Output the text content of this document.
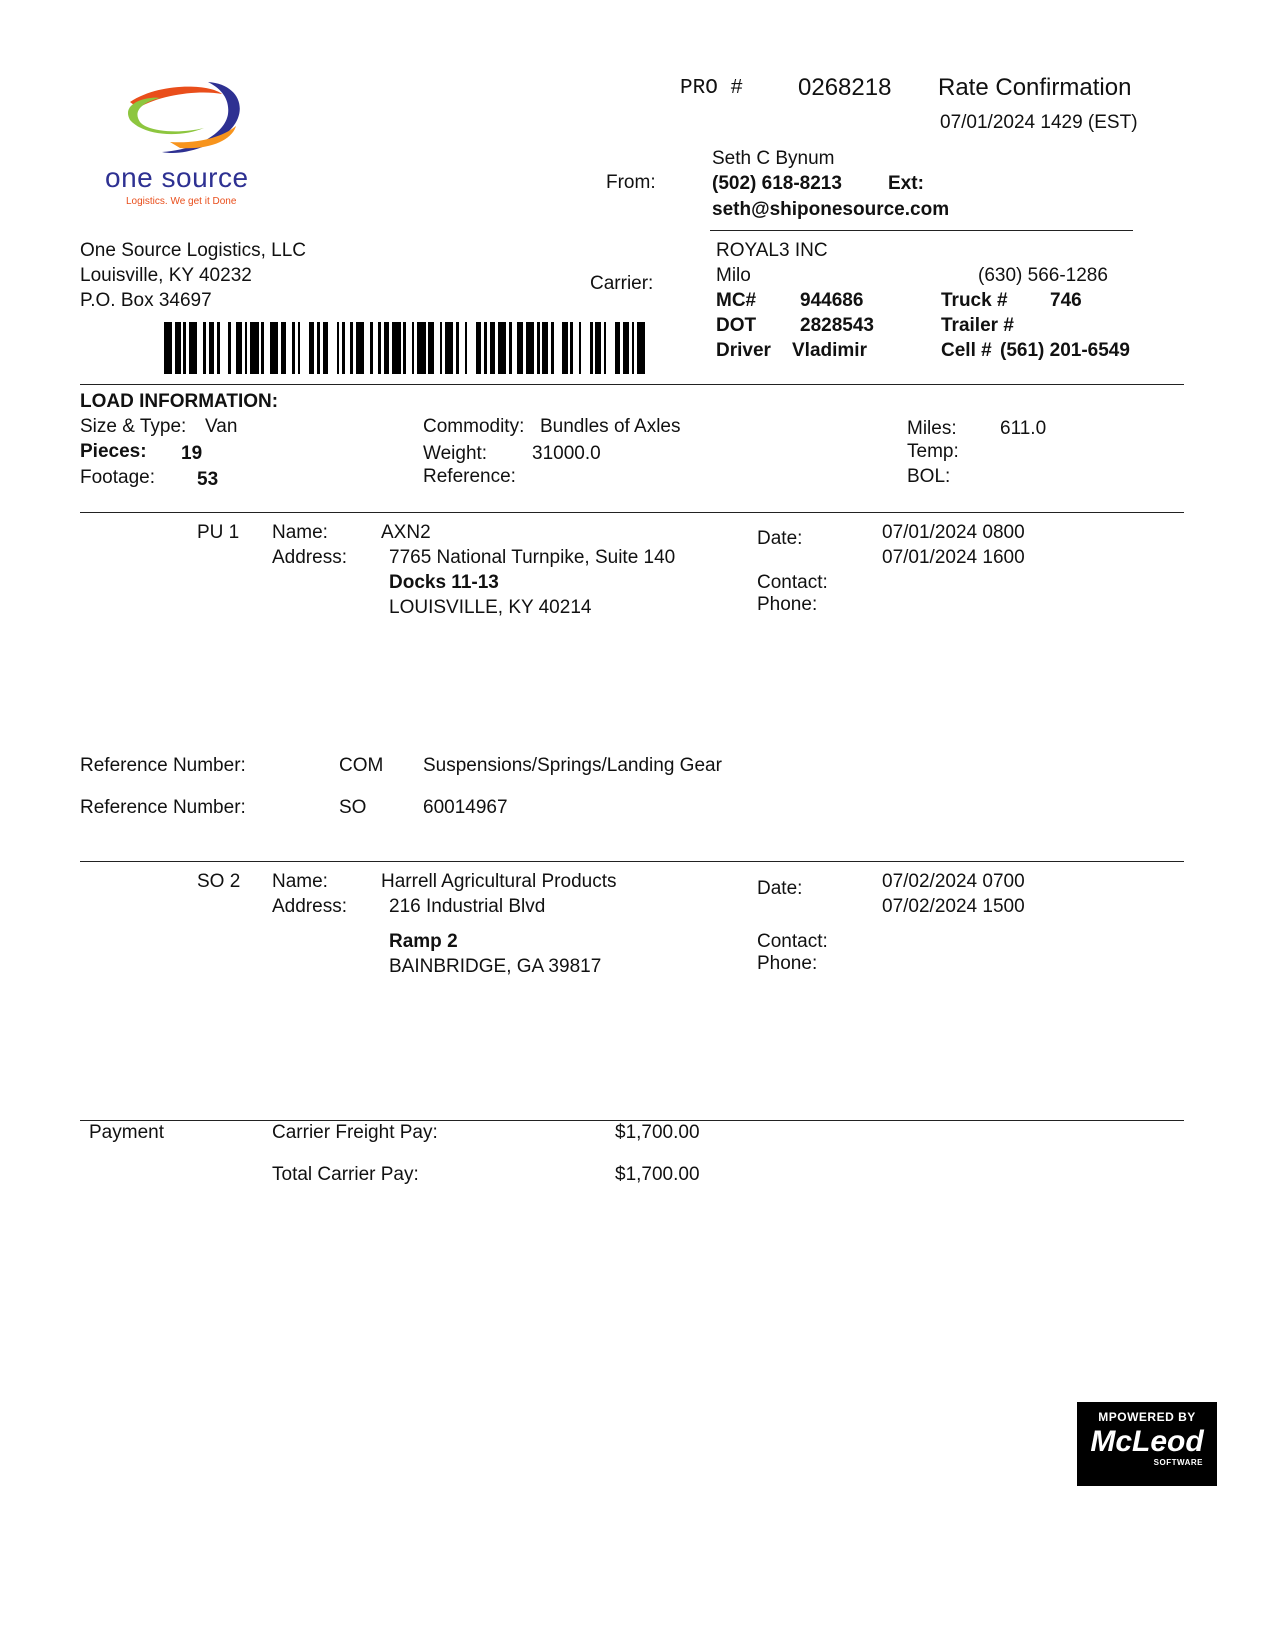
one source
Logistics. We get it Done
PRO # 0268218 Rate Confirmation
07/01/2024 1429 (EST)
From:
Seth C Bynum
(502) 618-8213 Ext:
seth@shiponesource.com
One Source Logistics, LLC
Louisville, KY 40232
P.O. Box 34697
Carrier:
ROYAL3 INC
Milo	(630) 566-1286
MC# 944686	Truck # 746
DOT 2828543	Trailer #
Driver Vladimir	Cell # (561) 201-6549
LOAD INFORMATION:
Size & Type: Van
Pieces: 19
Footage: 53
Commodity: Bundles of Axles
Weight: 31000.0
Reference:
Miles: 611.0
Temp:
BOL:
PU 1 Name:	AXN2
Address: 7765 National Turnpike, Suite 140
Docks 11-13
LOUISVILLE, KY 40214
Date:	07/01/2024 0800
07/01/2024 1600
Contact:
Phone:
Reference Number:	COM Suspensions/Springs/Landing Gear
Reference Number:	SO	60014967
SO 2 Name:	Harrell Agricultural Products
Address: 216 Industrial Blvd
Ramp 2
BAINBRIDGE, GA 39817
Date:	07/02/2024 0700
07/02/2024 1500
Contact:
Phone:
Payment	Carrier Freight Pay:	$1,700.00
Total Carrier Pay:	$1,700.00
MPOWERED BY
McLeod
SOFTWARE
